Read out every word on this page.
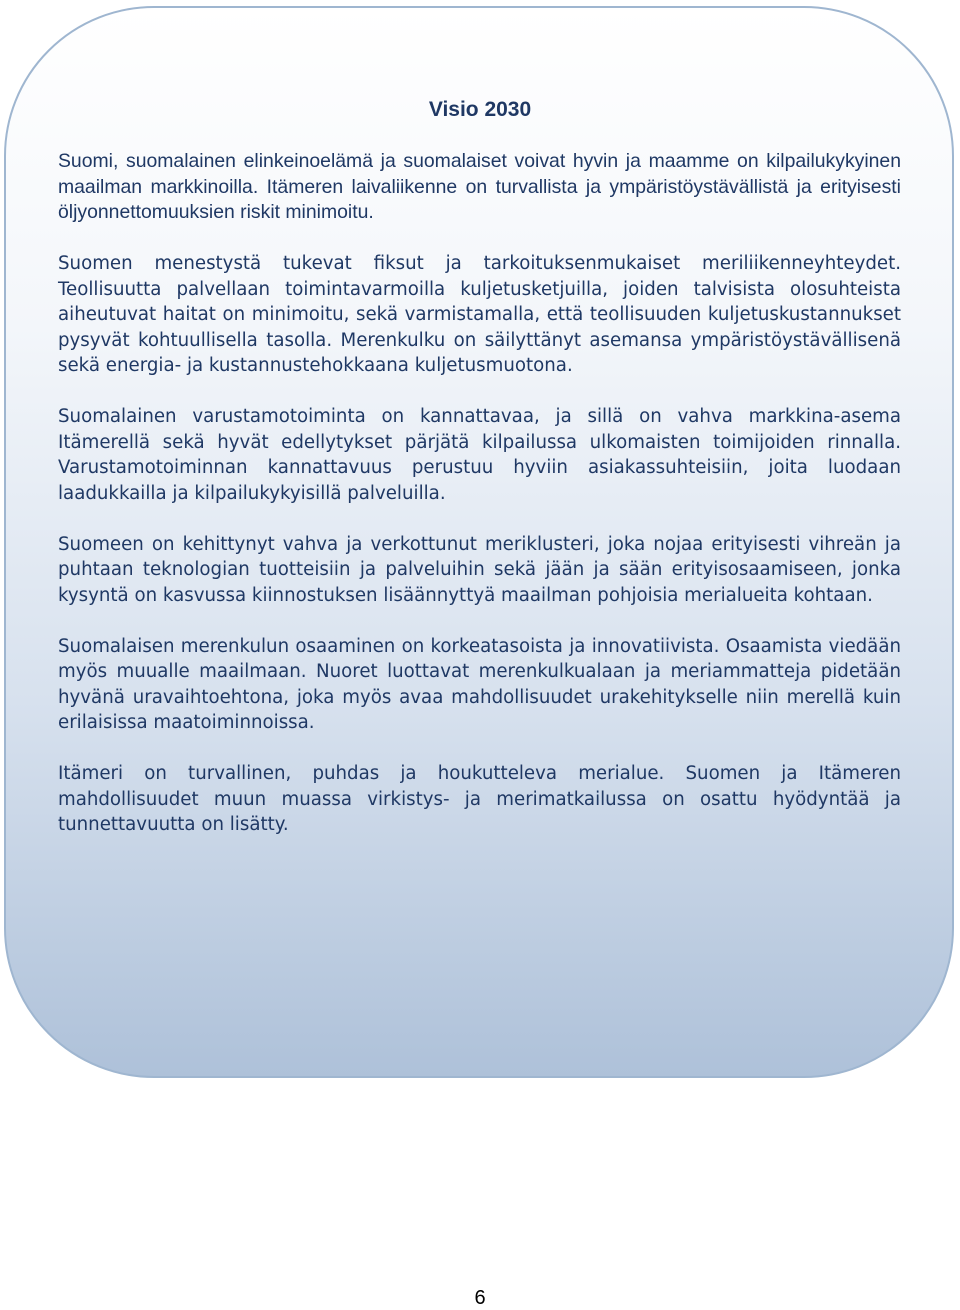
Visio 2030

Suomi, suomalainen elinkeinoelämä ja suomalaiset voivat hyvin ja maamme on kilpailukykyinen maailman markkinoilla. Itämeren laivaliikenne on turvallista ja ympäristöystävällistä ja erityisesti öljyonnettomuuksien riskit minimoitu.

Suomen menestystä tukevat fiksut ja tarkoituksenmukaiset meriliikenneyhteydet. Teollisuutta palvellaan toimintavarmoilla kuljetusketjuilla, joiden talvisista olosuhteista aiheutuvat haitat on minimoitu, sekä varmistamalla, että teollisuuden kuljetuskustannukset pysyvät kohtuullisella tasolla. Merenkulku on säilyttänyt asemansa ympäristöystävällisenä sekä energia- ja kustannustehokkaana kuljetusmuotona.

Suomalainen varustamotoiminta on kannattavaa, ja sillä on vahva markkina-asema Itämerellä sekä hyvät edellytykset pärjätä kilpailussa ulkomaisten toimijoiden rinnalla. Varustamotoiminnan kannattavuus perustuu hyviin asiakassuhteisiin, joita luodaan laadukkailla ja kilpailukykyisillä palveluilla.

Suomeen on kehittynyt vahva ja verkottunut meriklusteri, joka nojaa erityisesti vihreän ja puhtaan teknologian tuotteisiin ja palveluihin sekä jään ja sään erityisosaamiseen, jonka kysyntä on kasvussa kiinnostuksen lisäännyttyä maailman pohjoisia merialueita kohtaan.

Suomalaisen merenkulun osaaminen on korkeatasoista ja innovatiivista. Osaamista viedään myös muualle maailmaan. Nuoret luottavat merenkulkualaan ja meriammatteja pidetään hyvänä uravaihtoehtona, joka myös avaa mahdollisuudet urakehitykselle niin merellä kuin erilaisissa maatoiminnoissa.

Itämeri on turvallinen, puhdas ja houkutteleva merialue. Suomen ja Itämeren mahdollisuudet muun muassa virkistys- ja merimatkailussa on osattu hyödyntää ja tunnettavuutta on lisätty.

6
